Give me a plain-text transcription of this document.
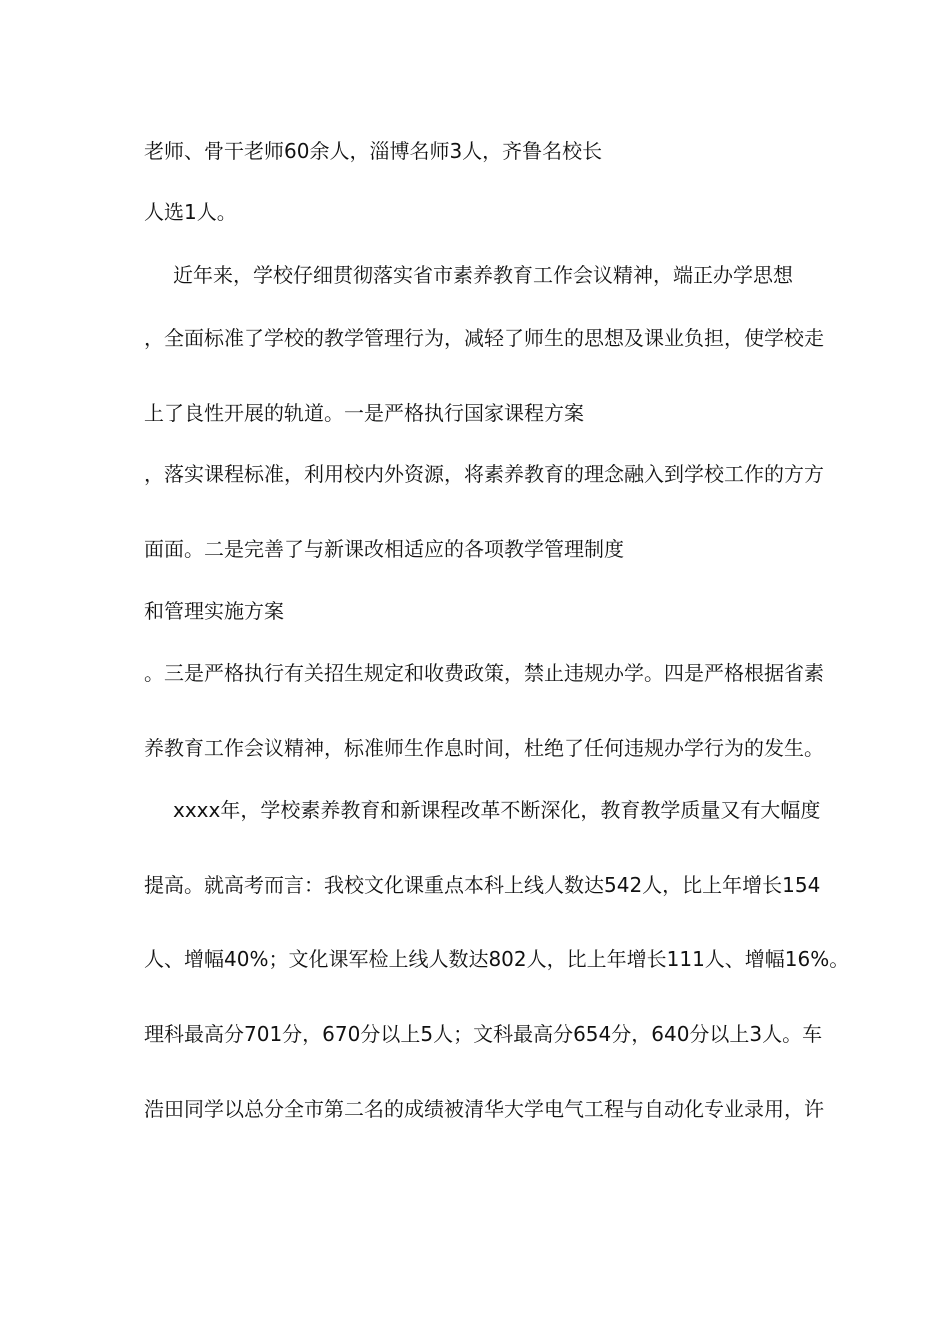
老师、骨干老师60余人，淄博名师3人，齐鲁名校长
人选1人。
近年来，学校仔细贯彻落实省市素养教育工作会议精神，端正办学思想
，全面标准了学校的教学管理行为，减轻了师生的思想及课业负担，使学校走
上了良性开展的轨道。一是严格执行国家课程方案
，落实课程标准，利用校内外资源，将素养教育的理念融入到学校工作的方方
面面。二是完善了与新课改相适应的各项教学管理制度
和管理实施方案
。三是严格执行有关招生规定和收费政策，禁止违规办学。四是严格根据省素
养教育工作会议精神，标准师生作息时间，杜绝了任何违规办学行为的发生。
xxxx年，学校素养教育和新课程改革不断深化，教育教学质量又有大幅度
提高。就高考而言：我校文化课重点本科上线人数达542人，比上年增长154
人、增幅40%；文化课军检上线人数达802人，比上年增长111人、增幅16%。
理科最高分701分，670分以上5人；文科最高分654分，640分以上3人。车
浩田同学以总分全市第二名的成绩被清华大学电气工程与自动化专业录用，许
